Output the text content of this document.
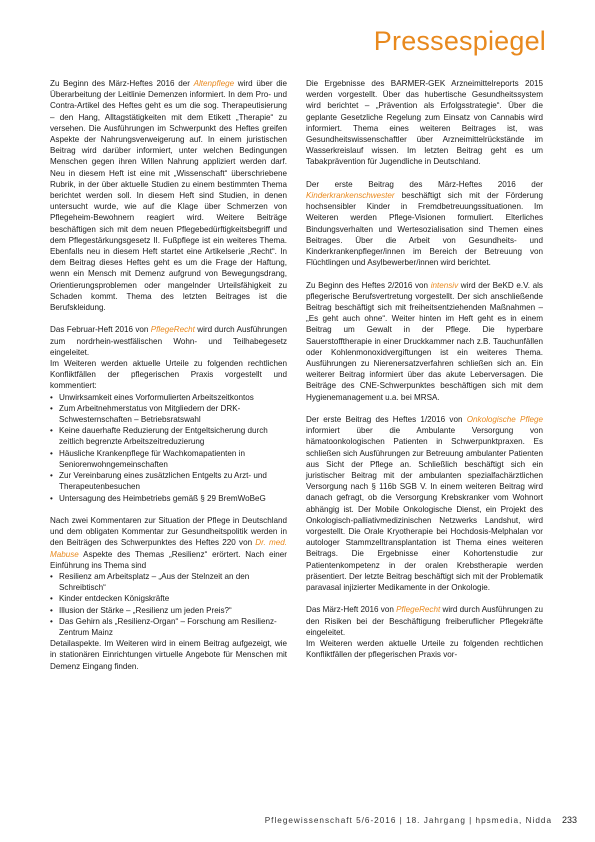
Pressespiegel

Zu Beginn des März-Heftes 2016 der Altenpflege wird über die Überarbeitung der Leitlinie Demenzen informiert. In dem Pro- und Contra-Artikel des Heftes geht es um die sog. Therapeutisierung – den Hang, Alltagstätigkeiten mit dem Etikett „Therapie“ zu versehen. Die Ausführungen im Schwerpunkt des Heftes greifen Aspekte der Nahrungsverweigerung auf. In einem juristischen Beitrag wird darüber informiert, unter welchen Bedingungen Menschen gegen ihren Willen Nahrung appliziert werden darf. Neu in diesem Heft ist eine mit „Wissenschaft“ überschriebene Rubrik, in der über aktuelle Studien zu einem bestimmten Thema berichtet werden soll. In diesem Heft sind Studien, in denen untersucht wurde, wie auf die Klage über Schmerzen von Pflegeheim-Bewohnern reagiert wird. Weitere Beiträge beschäftigen sich mit dem neuen Pflegebedürftigkeitsbegriff und dem Pflegestärkungsgesetz II. Fußpflege ist ein weiteres Thema. Ebenfalls neu in diesem Heft startet eine Artikelserie „Recht“. In dem Beitrag dieses Heftes geht es um die Frage der Haftung, wenn ein Mensch mit Demenz aufgrund von Bewegungsdrang, Orientierungsproblemen oder mangelnder Urteilsfähigkeit zu Schaden kommt. Thema des letzten Beitrages ist die Berufskleidung.

Das Februar-Heft 2016 von PflegeRecht wird durch Ausführungen zum nordrhein-westfälischen Wohn- und Teilhabegesetz eingeleitet.

Im Weiteren werden aktuelle Urteile zu folgenden rechtlichen Konfliktfällen der pflegerischen Praxis vorgestellt und kommentiert:

• Unwirksamkeit eines Vorformulierten Arbeitszeitkontos
• Zum Arbeitnehmerstatus von Mitgliedern der DRK-Schwesternschaften – Betriebsratswahl
• Keine dauerhafte Reduzierung der Entgeltsicherung durch zeitlich begrenzte Arbeitszeitreduzierung
• Häusliche Krankenpflege für Wachkomapatienten in Seniorenwohngemeinschaften
• Zur Vereinbarung eines zusätzlichen Entgelts zu Arzt- und Therapeutenbesuchen
• Untersagung des Heimbetriebs gemäß § 29 BremWoBeG

Nach zwei Kommentaren zur Situation der Pflege in Deutschland und dem obligaten Kommentar zur Gesundheitspolitik werden in den Beiträgen des Schwerpunktes des Heftes 220 von Dr. med. Mabuse Aspekte des Themas „Resilienz“ erörtert. Nach einer Einführung ins Thema sind

• Resilienz am Arbeitsplatz – „Aus der Stelnzeit an den Schreibtisch“
• Kinder entdecken Königskräfte
• Illusion der Stärke – „Resilienz um jeden Preis?“
• Das Gehirn als „Resilienz-Organ“ – Forschung am Resilienz-Zentrum Mainz

Detailaspekte. Im Weiteren wird in einem Beitrag aufgezeigt, wie in stationären Einrichtungen virtuelle Angebote für Menschen mit Demenz Eingang finden.

Die Ergebnisse des BARMER-GEK Arzneimittelreports 2015 werden vorgestellt. Über das hubertische Gesundheitssystem wird berichtet – „Prävention als Erfolgsstrategie“. Über die geplante Gesetzliche Regelung zum Einsatz von Cannabis wird informiert. Thema eines weiteren Beitrages ist, was Gesundheitswissenschaftler über Arzneimittelrückstände im Wasserkreislauf wissen. Im letzten Beitrag geht es um Tabakprävention für Jugendliche in Deutschland.

Der erste Beitrag des März-Heftes 2016 der Kinderkrankenschwester beschäftigt sich mit der Förderung hochsensibler Kinder in Fremdbetreuungssituationen. Im Weiteren werden Pflege-Visionen formuliert. Elterliches Bindungsverhalten und Wertesozialisation sind Themen eines Beitrages. Über die Arbeit von Gesundheits- und Kinderkrankenpfleger/innen im Bereich der Betreuung von Flüchtlingen und Asylbewerber/innen wird berichtet.

Zu Beginn des Heftes 2/2016 von intensiv wird der BeKD e.V. als pflegerische Berufsvertretung vorgestellt. Der sich anschließende Beitrag beschäftigt sich mit freiheitsentziehenden Maßnahmen – „Es geht auch ohne“. Weiter hinten im Heft geht es in einem Beitrag um Gewalt in der Pflege. Die hyperbare Sauerstofftherapie in einer Druckkammer nach z.B. Tauchunfällen oder Kohlenmonoxidvergiftungen ist ein weiteres Thema. Ausführungen zu Nierenersatzverfahren schließen sich an. Ein weiterer Beitrag informiert über das akute Leberversagen. Die Beiträge des CNE-Schwerpunktes beschäftigen sich mit dem Hygienemanagement u.a. bei MRSA.

Der erste Beitrag des Heftes 1/2016 von Onkologische Pflege informiert über die Ambulante Versorgung von hämatoonkologischen Patienten in Schwerpunktpraxen. Es schließen sich Ausführungen zur Betreuung ambulanter Patienten aus Sicht der Pflege an. Schließlich beschäftigt sich ein juristischer Beitrag mit der ambulanten spezialfachärztlichen Versorgung nach § 116b SGB V. In einem weiteren Beitrag wird danach gefragt, ob die Versorgung Krebskranker vom Wohnort abhängig ist. Der Mobile Onkologische Dienst, ein Projekt des Onkologisch-palliativmedizinischen Netzwerks Landshut, wird vorgestellt. Die Orale Kryotherapie bei Hochdosis-Melphalan vor autologer Stammzelltransplantation ist Thema eines weiteren Beitrags. Die Ergebnisse einer Kohortenstudie zur Patientenkompetenz in der oralen Krebstherapie werden präsentiert. Der letzte Beitrag beschäftigt sich mit der Problematik paravasal injizierter Medikamente in der Onkologie.

Das März-Heft 2016 von PflegeRecht wird durch Ausführungen zu den Risiken bei der Beschäftigung freiberuflicher Pflegekräfte eingeleitet.

Im Weiteren werden aktuelle Urteile zu folgenden rechtlichen Konfliktfällen der pflegerischen Praxis vor-

Pflegewissenschaft 5/6-2016 | 18. Jahrgang | hpsmedia, Nidda 233
